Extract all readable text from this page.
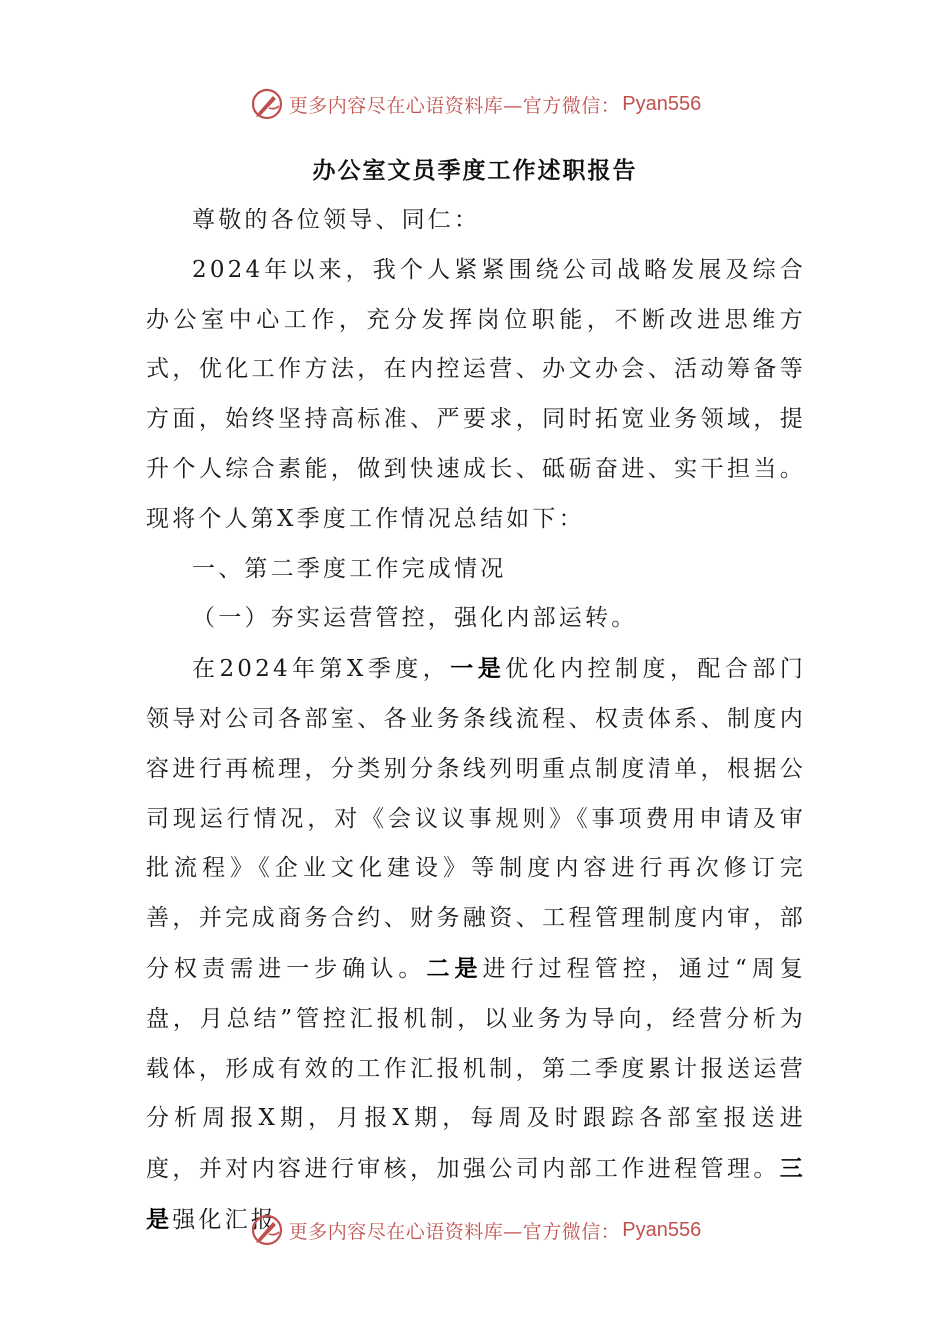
更多内容尽在心语资料库—官方微信： Pyan556
办公室文员季度工作述职报告

尊敬的各位领导、同仁：

2024年以来，我个人紧紧围绕公司战略发展及综合办公室中心工作，充分发挥岗位职能，不断改进思维方式，优化工作方法，在内控运营、办文办会、活动筹备等方面，始终坚持高标准、严要求，同时拓宽业务领域，提升个人综合素能，做到快速成长、砥砺奋进、实干担当。现将个人第X季度工作情况总结如下：

一、第二季度工作完成情况

（一）夯实运营管控，强化内部运转。

在2024年第X季度，一是优化内控制度，配合部门领导对公司各部室、各业务条线流程、权责体系、制度内容进行再梳理，分类别分条线列明重点制度清单，根据公司现运行情况，对《会议议事规则》《事项费用申请及审批流程》《企业文化建设》等制度内容进行再次修订完善，并完成商务合约、财务融资、工程管理制度内审，部分权责需进一步确认。二是进行过程管控，通过“周复盘，月总结”管控汇报机制，以业务为导向，经营分析为载体，形成有效的工作汇报机制，第二季度累计报送运营分析周报X期，月报X期，每周及时跟踪各部室报送进度，并对内容进行审核，加强公司内部工作进程管理。三是强化汇报 更多内容尽在心语资料库—官方微信： Pyan556
